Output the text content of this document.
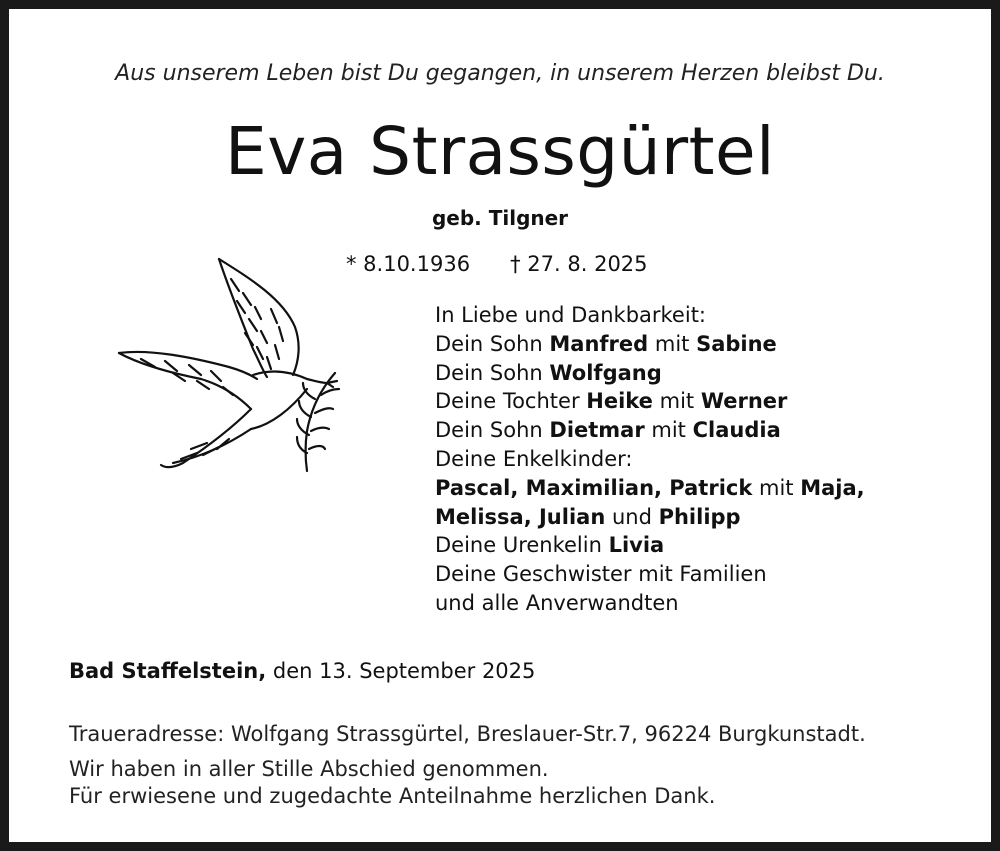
Aus unserem Leben bist Du gegangen, in unserem Herzen bleibst Du.
Eva Strassgürtel
geb. Tilgner
* 8.10.1936 † 27. 8. 2025
In Liebe und Dankbarkeit:
Dein Sohn Manfred mit Sabine
Dein Sohn Wolfgang
Deine Tochter Heike mit Werner
Dein Sohn Dietmar mit Claudia
Deine Enkelkinder:
Pascal, Maximilian, Patrick mit Maja,
Melissa, Julian und Philipp
Deine Urenkelin Livia
Deine Geschwister mit Familien
und alle Anverwandten
Bad Staffelstein, den 13. September 2025
Traueradresse: Wolfgang Strassgürtel, Breslauer-Str.7, 96224 Burgkunstadt.
Wir haben in aller Stille Abschied genommen.
Für erwiesene und zugedachte Anteilnahme herzlichen Dank.
